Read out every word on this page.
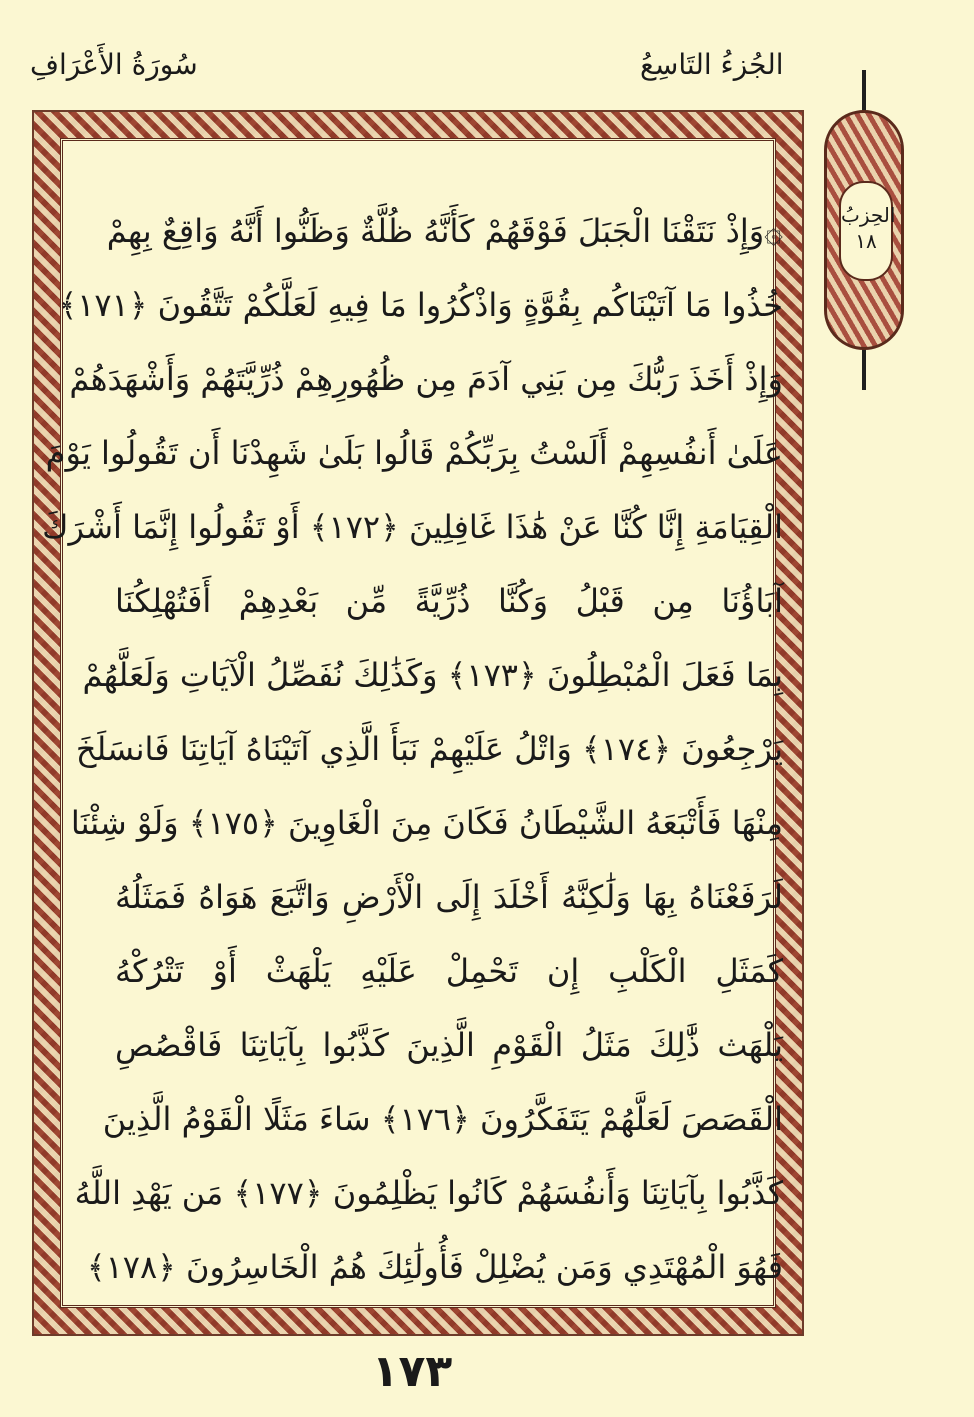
الجُزءُ التَاسِعُ
سُورَةُ الأَعْرَافِ
الحِزبُ
١٨
۞وَإِذْ نَتَقْنَا الْجَبَلَ فَوْقَهُمْ كَأَنَّهُ ظُلَّةٌ وَظَنُّوا أَنَّهُ وَاقِعٌ بِهِمْ
خُذُوا مَا آتَيْنَاكُم بِقُوَّةٍ وَاذْكُرُوا مَا فِيهِ لَعَلَّكُمْ تَتَّقُونَ ﴿١٧١﴾
وَإِذْ أَخَذَ رَبُّكَ مِن بَنِي آدَمَ مِن ظُهُورِهِمْ ذُرِّيَّتَهُمْ وَأَشْهَدَهُمْ
عَلَىٰ أَنفُسِهِمْ أَلَسْتُ بِرَبِّكُمْ قَالُوا بَلَىٰ شَهِدْنَا أَن تَقُولُوا يَوْمَ
الْقِيَامَةِ إِنَّا كُنَّا عَنْ هَٰذَا غَافِلِينَ ﴿١٧٢﴾ أَوْ تَقُولُوا إِنَّمَا أَشْرَكَ
آبَاؤُنَا مِن قَبْلُ وَكُنَّا ذُرِّيَّةً مِّن بَعْدِهِمْ أَفَتُهْلِكُنَا
بِمَا فَعَلَ الْمُبْطِلُونَ ﴿١٧٣﴾ وَكَذَٰلِكَ نُفَصِّلُ الْآيَاتِ وَلَعَلَّهُمْ
يَرْجِعُونَ ﴿١٧٤﴾ وَاتْلُ عَلَيْهِمْ نَبَأَ الَّذِي آتَيْنَاهُ آيَاتِنَا فَانسَلَخَ
مِنْهَا فَأَتْبَعَهُ الشَّيْطَانُ فَكَانَ مِنَ الْغَاوِينَ ﴿١٧٥﴾ وَلَوْ شِئْنَا
لَرَفَعْنَاهُ بِهَا وَلَٰكِنَّهُ أَخْلَدَ إِلَى الْأَرْضِ وَاتَّبَعَ هَوَاهُ فَمَثَلُهُ
كَمَثَلِ الْكَلْبِ إِن تَحْمِلْ عَلَيْهِ يَلْهَثْ أَوْ تَتْرُكْهُ
يَلْهَث ذَّٰلِكَ مَثَلُ الْقَوْمِ الَّذِينَ كَذَّبُوا بِآيَاتِنَا فَاقْصُصِ
الْقَصَصَ لَعَلَّهُمْ يَتَفَكَّرُونَ ﴿١٧٦﴾ سَاءَ مَثَلًا الْقَوْمُ الَّذِينَ
كَذَّبُوا بِآيَاتِنَا وَأَنفُسَهُمْ كَانُوا يَظْلِمُونَ ﴿١٧٧﴾ مَن يَهْدِ اللَّهُ
فَهُوَ الْمُهْتَدِي وَمَن يُضْلِلْ فَأُولَٰئِكَ هُمُ الْخَاسِرُونَ ﴿١٧٨﴾
١٧٣
